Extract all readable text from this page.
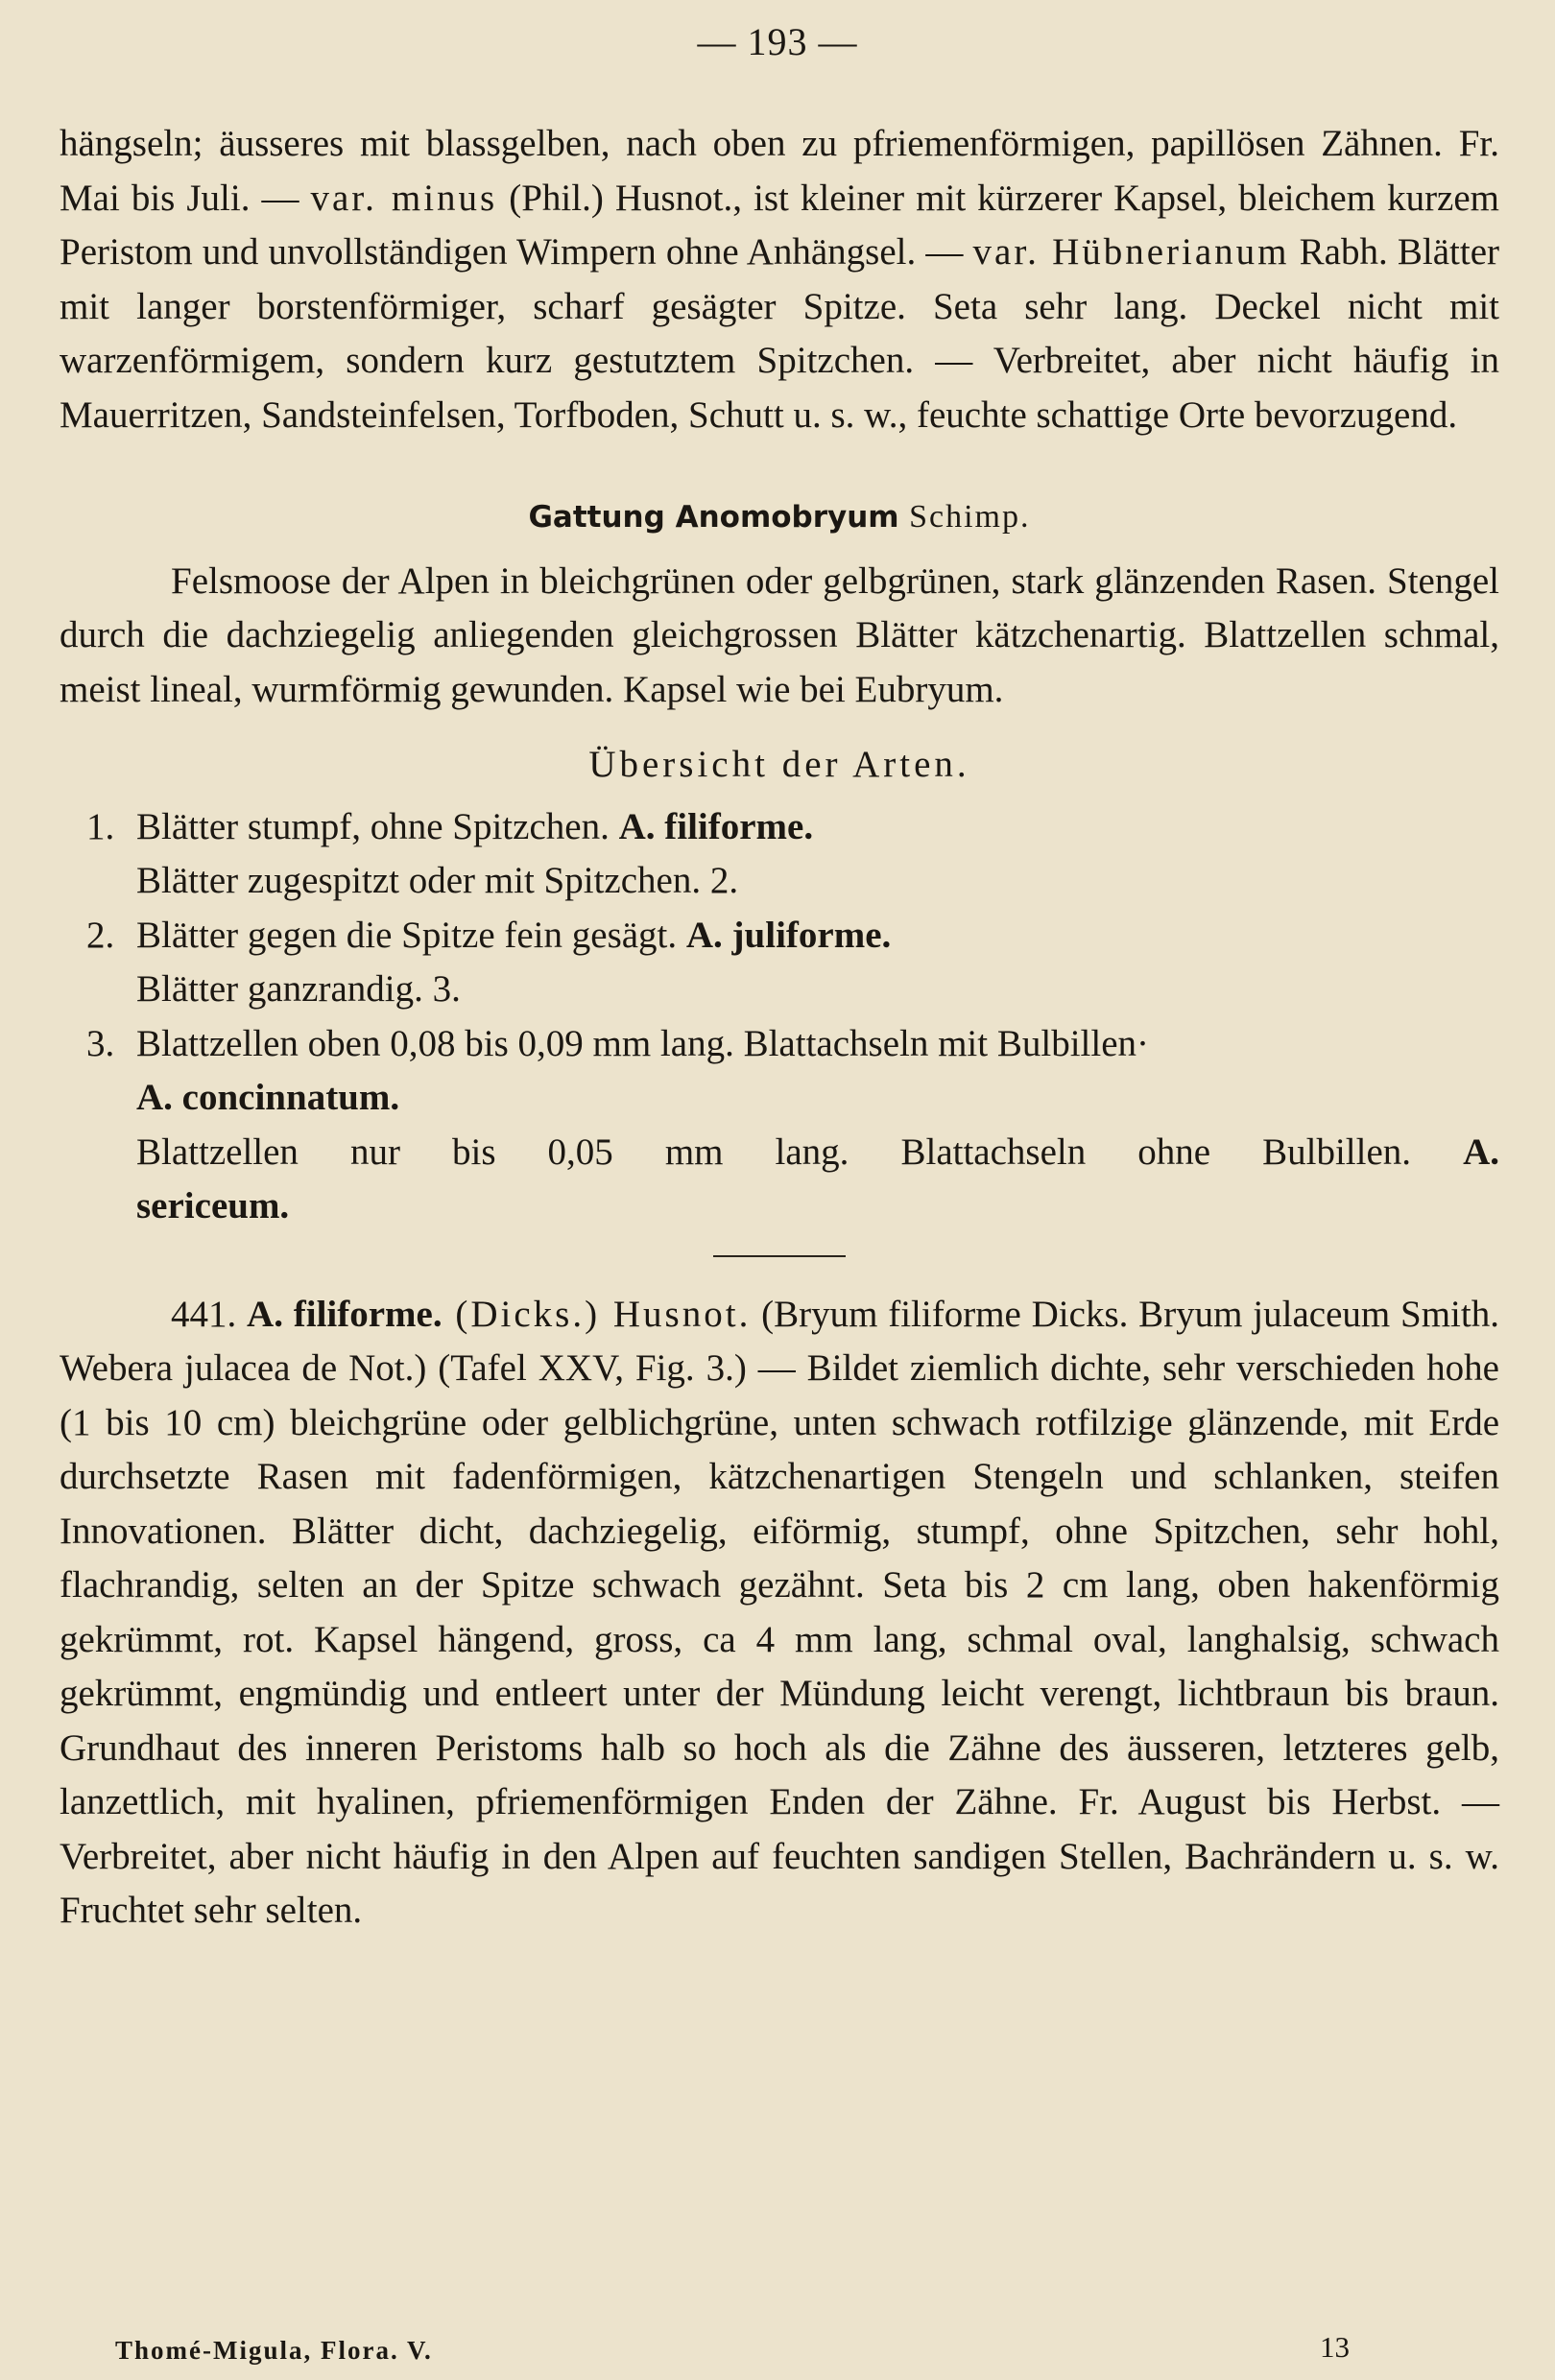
— 193 —

hängseln; äusseres mit blassgelben, nach oben zu pfriemenförmigen, papillösen Zähnen. Fr. Mai bis Juli. — var. minus (Phil.) Husnot., ist kleiner mit kürzerer Kapsel, bleichem kurzem Peristom und unvollständigen Wimpern ohne Anhängsel. — var. Hübnerianum Rabh. Blätter mit langer borstenförmiger, scharf gesägter Spitze. Seta sehr lang. Deckel nicht mit warzenförmigem, sondern kurz gestutztem Spitzchen. — Verbreitet, aber nicht häufig in Mauerritzen, Sandsteinfelsen, Torfboden, Schutt u. s. w., feuchte schattige Orte bevorzugend.

Gattung Anomobryum Schimp.

Felsmoose der Alpen in bleichgrünen oder gelbgrünen, stark glänzenden Rasen. Stengel durch die dachziegelig anliegenden gleichgrossen Blätter kätzchenartig. Blattzellen schmal, meist lineal, wurmförmig gewunden. Kapsel wie bei Eubryum.

Übersicht der Arten.

1. Blätter stumpf, ohne Spitzchen. A. filiforme.

Blätter zugespitzt oder mit Spitzchen. 2.

2. Blätter gegen die Spitze fein gesägt. A. juliforme.

Blätter ganzrandig. 3.

3. Blattzellen oben 0,08 bis 0,09 mm lang. Blattachseln mit Bulbillen·

A. concinnatum.

Blattzellen nur bis 0,05 mm lang. Blattachseln ohne Bulbillen. A.

sericeum.

441. A. filiforme. (Dicks.) Husnot. (Bryum filiforme Dicks. Bryum julaceum Smith. Webera julacea de Not.) (Tafel XXV, Fig. 3.) — Bildet ziemlich dichte, sehr verschieden hohe (1 bis 10 cm) bleichgrüne oder gelblichgrüne, unten schwach rotfilzige glänzende, mit Erde durchsetzte Rasen mit fadenförmigen, kätzchenartigen Stengeln und schlanken, steifen Innovationen. Blätter dicht, dachziegelig, eiförmig, stumpf, ohne Spitzchen, sehr hohl, flachrandig, selten an der Spitze schwach gezähnt. Seta bis 2 cm lang, oben hakenförmig gekrümmt, rot. Kapsel hängend, gross, ca 4 mm lang, schmal oval, langhalsig, schwach gekrümmt, engmündig und entleert unter der Mündung leicht verengt, lichtbraun bis braun. Grundhaut des inneren Peristoms halb so hoch als die Zähne des äusseren, letzteres gelb, lanzettlich, mit hyalinen, pfriemenförmigen Enden der Zähne. Fr. August bis Herbst. — Verbreitet, aber nicht häufig in den Alpen auf feuchten sandigen Stellen, Bachrändern u. s. w. Fruchtet sehr selten.

Thomé-Migula, Flora. V.	13
